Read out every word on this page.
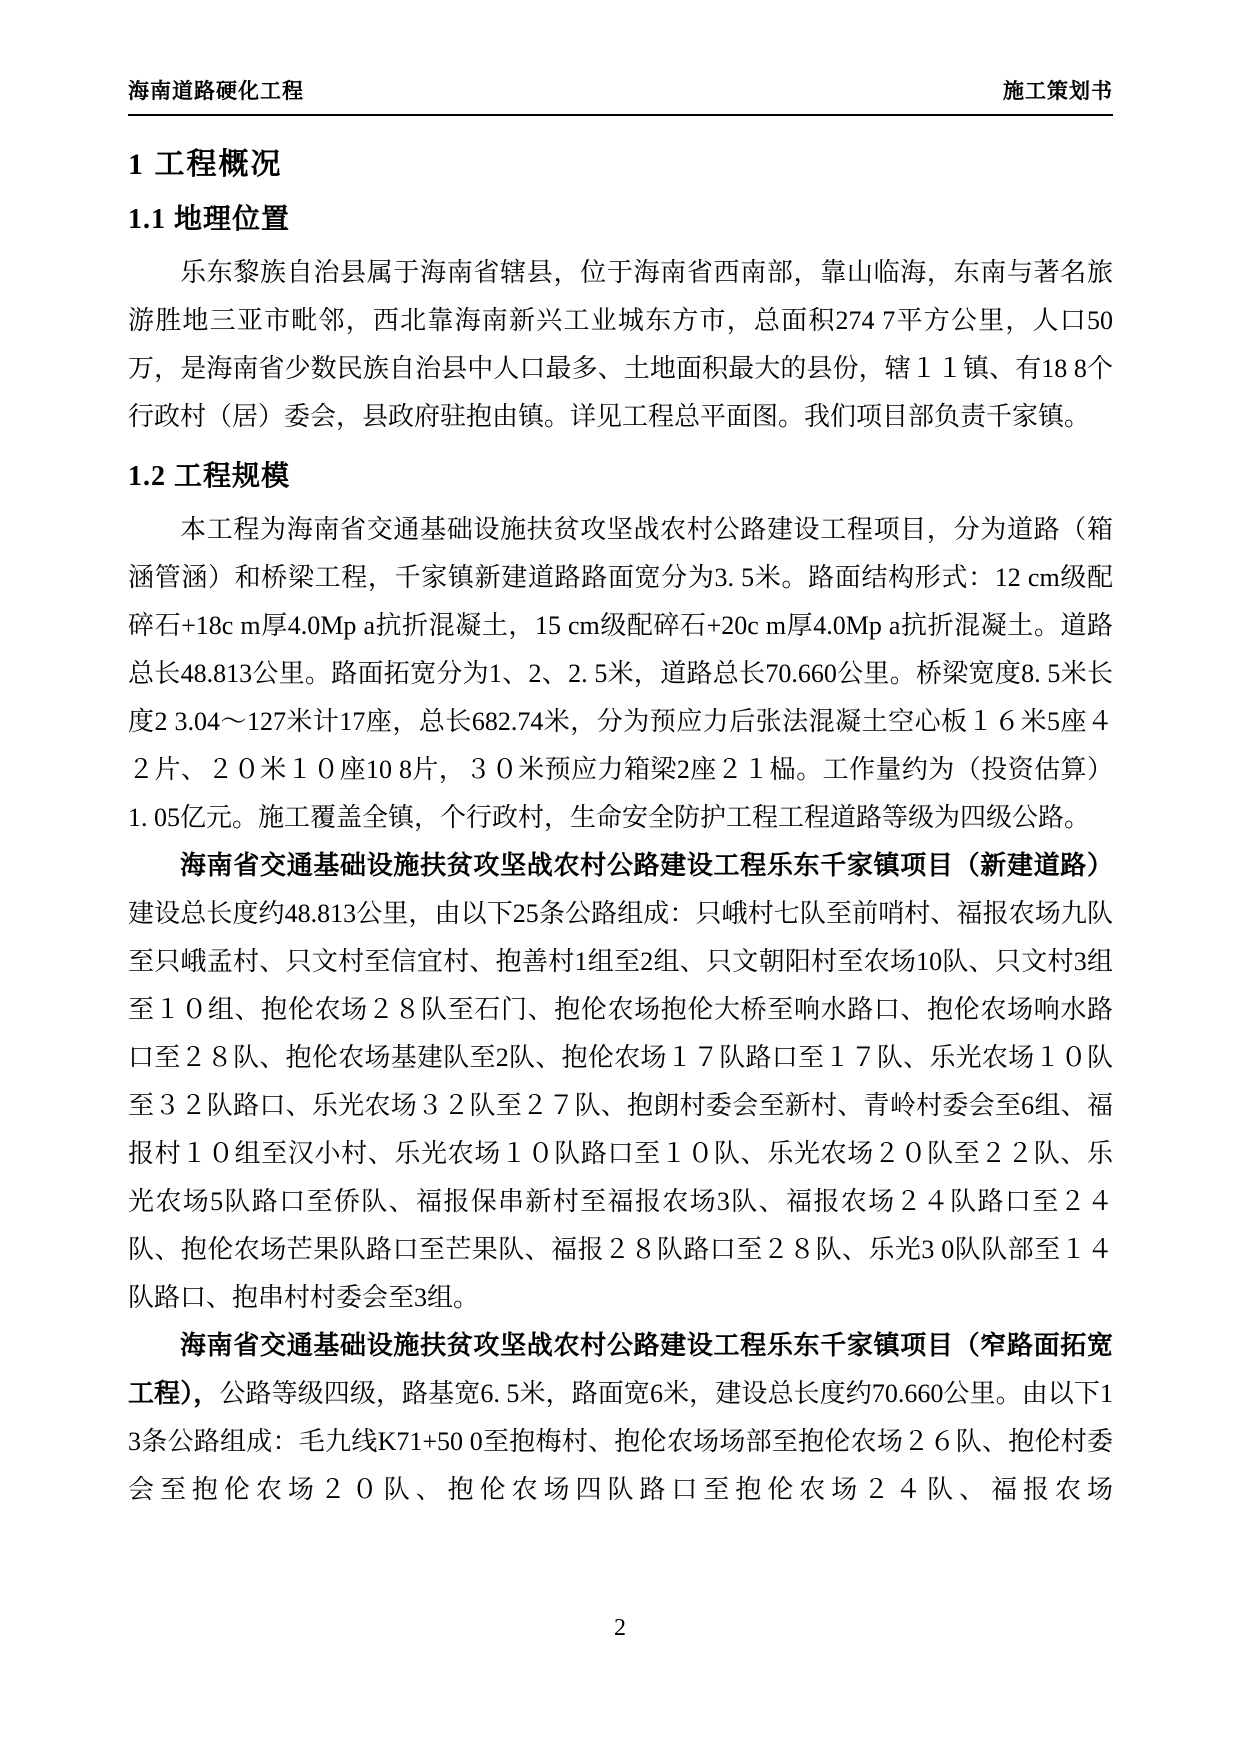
海南道路硬化工程	施工策划书
1 工程概况
1.1 地理位置

乐东黎族自治县属于海南省辖县，位于海南省西南部，靠山临海，东南与著名旅游胜地三亚市毗邻，西北靠海南新兴工业城东方市，总面积274 7平方公里，人口50万，是海南省少数民族自治县中人口最多、土地面积最大的县份，辖１１镇、有18 8个行政村（居）委会，县政府驻抱由镇。详见工程总平面图。我们项目部负责千家镇。

1.2 工程规模

本工程为海南省交通基础设施扶贫攻坚战农村公路建设工程项目，分为道路（箱涵管涵）和桥梁工程，千家镇新建道路路面宽分为3. 5米。路面结构形式：12 cm级配碎石+18c m厚4.0Mp a抗折混凝土，15 cm级配碎石+20c m厚4.0Mp a抗折混凝土。道路总长48.813公里。路面拓宽分为1、2、2. 5米，道路总长70.660公里。桥梁宽度8. 5米长度2 3.04～127米计17座，总长682.74米，分为预应力后张法混凝土空心板１６米5座４２片、２０米１０座10 8片，３０米预应力箱梁2座２１榀。工作量约为（投资估算）1. 05亿元。施工覆盖全镇，个行政村，生命安全防护工程工程道路等级为四级公路。

海南省交通基础设施扶贫攻坚战农村公路建设工程乐东千家镇项目（新建道路）建设总长度约48.813公里，由以下25条公路组成：只峨村七队至前哨村、福报农场九队至只峨孟村、只文村至信宜村、抱善村1组至2组、只文朝阳村至农场10队、只文村3组至１０组、抱伦农场２８队至石门、抱伦农场抱伦大桥至响水路口、抱伦农场响水路口至２８队、抱伦农场基建队至2队、抱伦农场１７队路口至１７队、乐光农场１０队至３２队路口、乐光农场３２队至２７队、抱朗村委会至新村、青岭村委会至6组、福报村１０组至汉小村、乐光农场１０队路口至１０队、乐光农场２０队至２２队、乐光农场5队路口至侨队、福报保串新村至福报农场3队、福报农场２４队路口至２４队、抱伦农场芒果队路口至芒果队、福报２８队路口至２８队、乐光3 0队队部至１４队路口、抱串村村委会至3组。

海南省交通基础设施扶贫攻坚战农村公路建设工程乐东千家镇项目（窄路面拓宽工程），公路等级四级，路基宽6. 5米，路面宽6米，建设总长度约70.660公里。由以下13条公路组成：毛九线K71+50 0至抱梅村、抱伦农场场部至抱伦农场２６队、抱伦村委会至抱伦农场２０队、抱伦农场四队路口至抱伦农场２４队、福报农场

2
